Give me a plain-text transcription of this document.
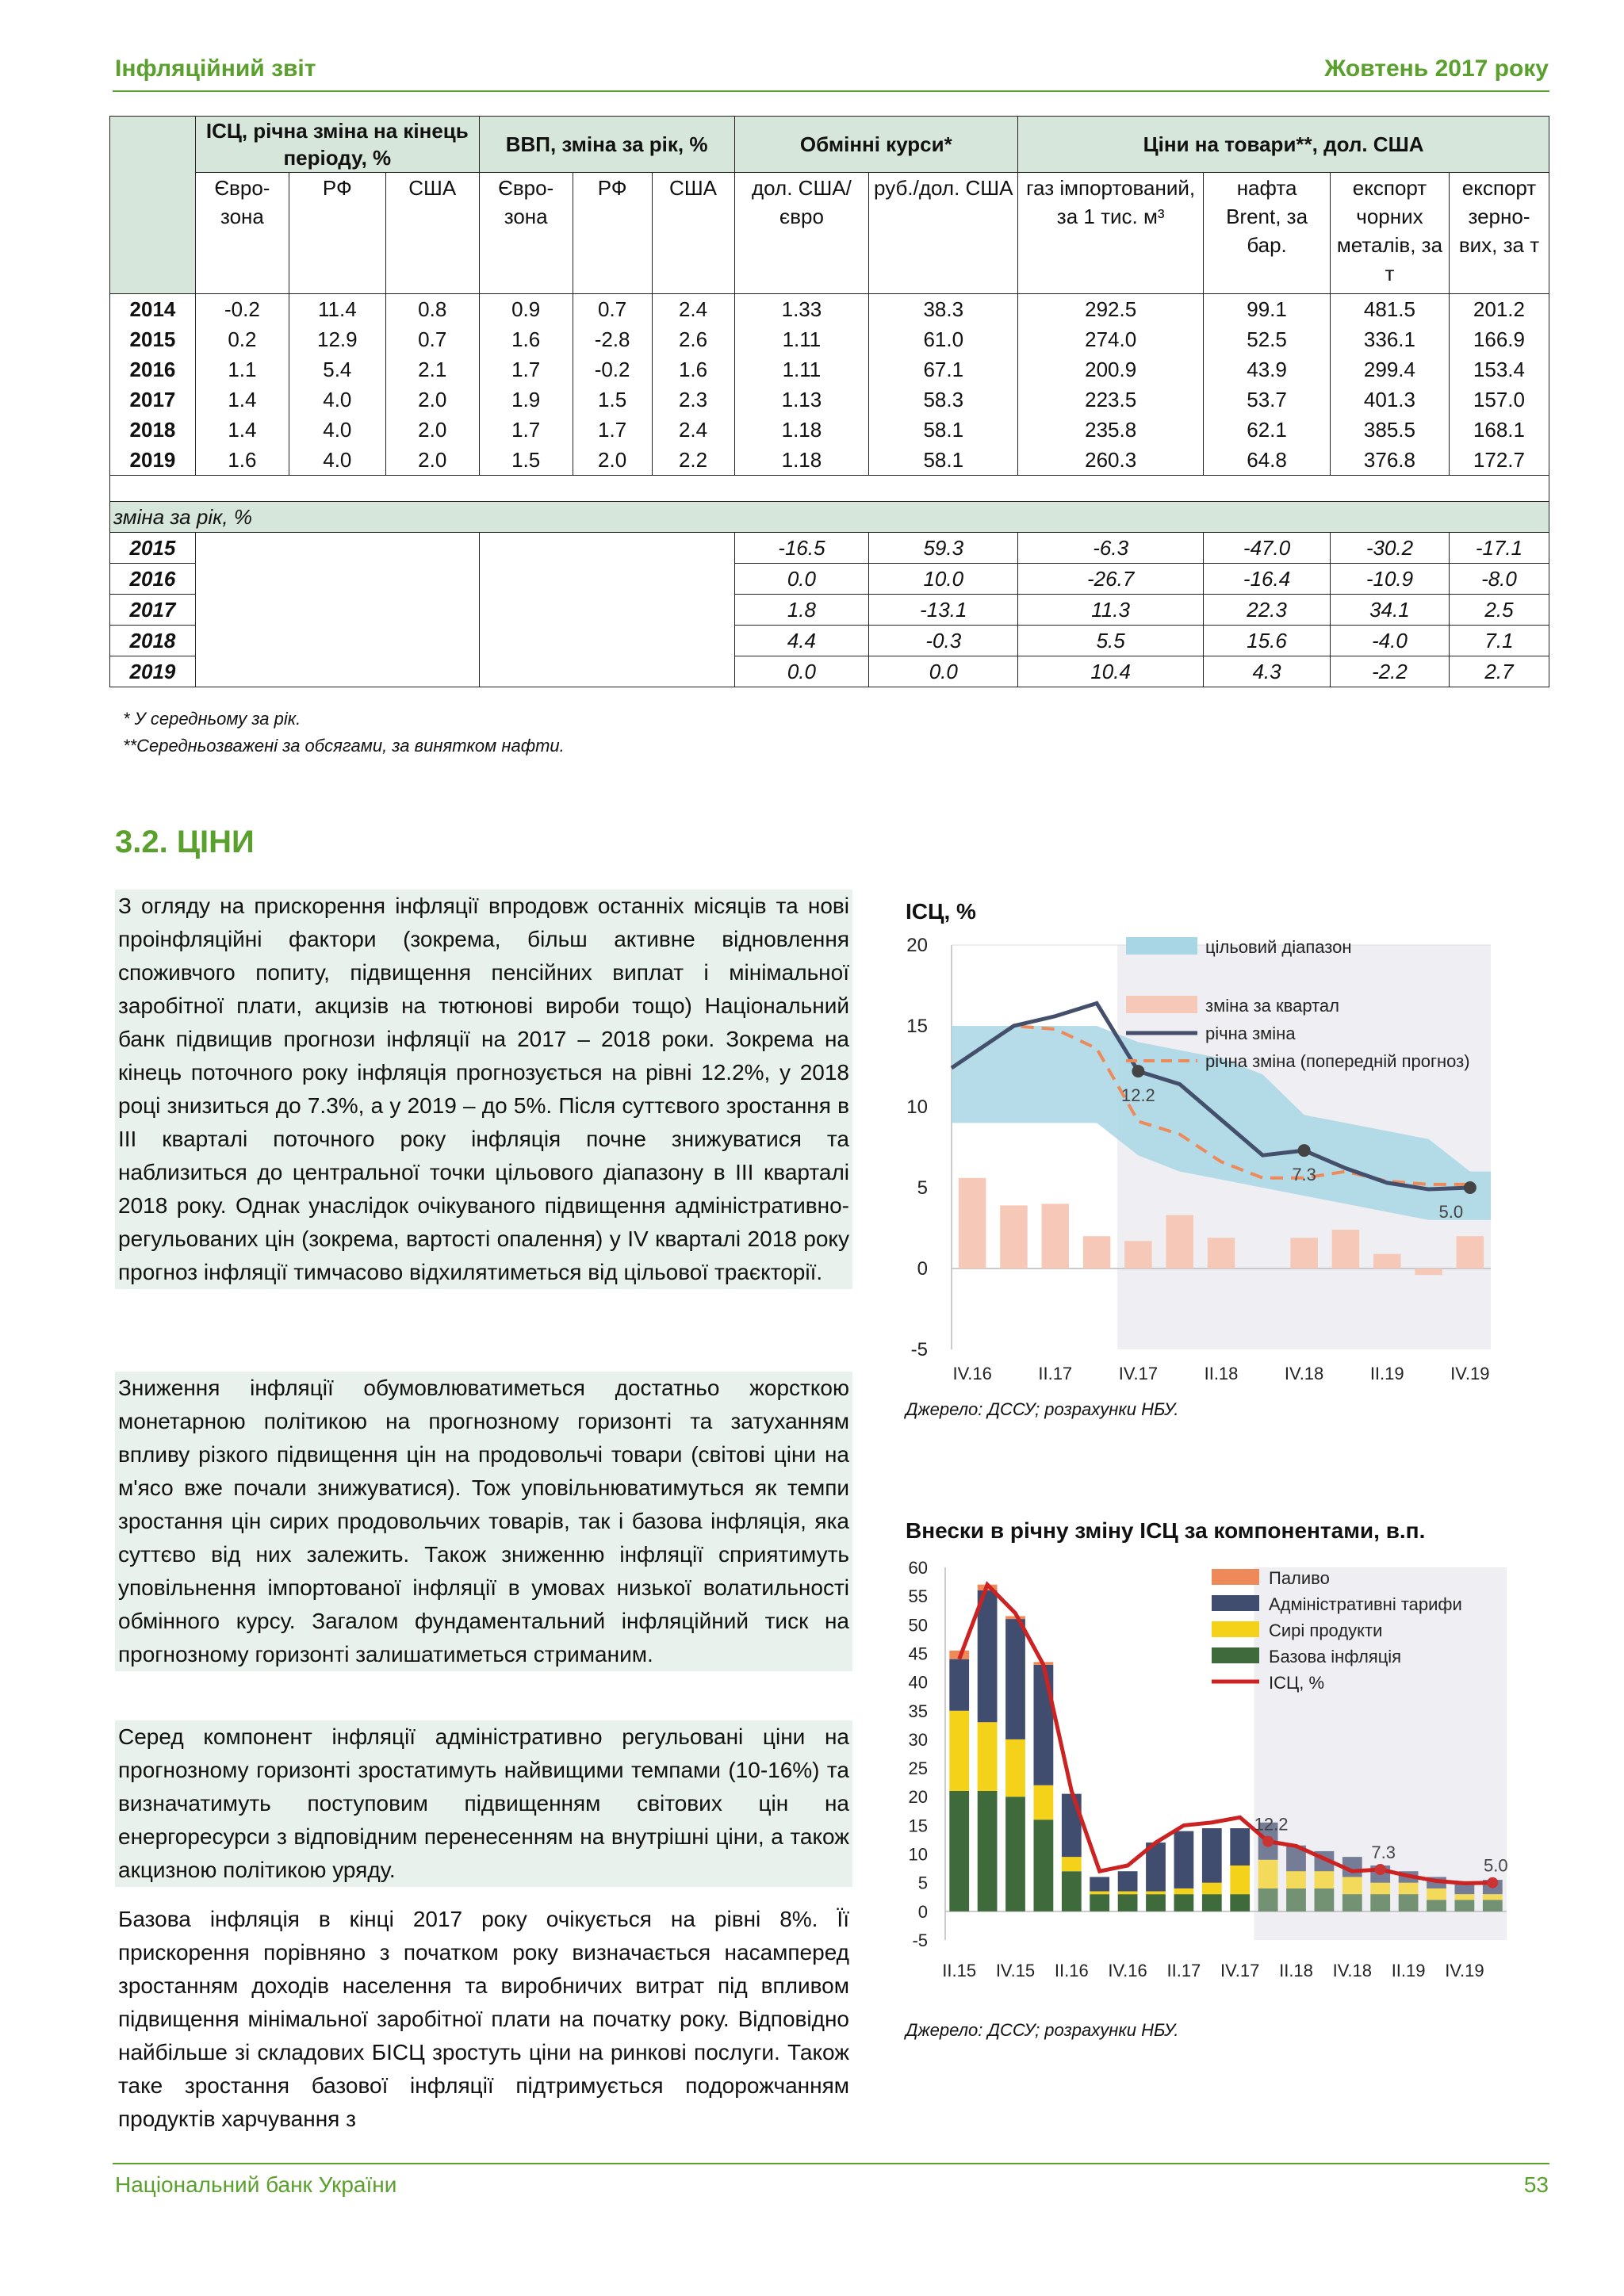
Інфляційний звіт	Жовтень 2017 року
	ІСЦ, річна зміна на кінець періоду, %			ВВП, зміна за рік, %			Обмінні курси*		Ціни на товари**, дол. США			
	Євро-зона	РФ	США	Євро-зона	РФ	США	дол. США/євро	руб./дол. США	газ імпортований, за 1 тис. м³	нафта Brent, за бар.	експорт чорних металів, за т	експорт зерно-вих, за т
2014	-0.2	11.4	0.8	0.9	0.7	2.4	1.33	38.3	292.5	99.1	481.5	201.2
2015	0.2	12.9	0.7	1.6	-2.8	2.6	1.11	61.0	274.0	52.5	336.1	166.9
2016	1.1	5.4	2.1	1.7	-0.2	1.6	1.11	67.1	200.9	43.9	299.4	153.4
2017	1.4	4.0	2.0	1.9	1.5	2.3	1.13	58.3	223.5	53.7	401.3	157.0
2018	1.4	4.0	2.0	1.7	1.7	2.4	1.18	58.1	235.8	62.1	385.5	168.1
2019	1.6	4.0	2.0	1.5	2.0	2.2	1.18	58.1	260.3	64.8	376.8	172.7

зміна за рік, %												
2015							-16.5	59.3	-6.3	-47.0	-30.2	-17.1
2016							0.0	10.0	-26.7	-16.4	-10.9	-8.0
2017							1.8	-13.1	11.3	22.3	34.1	2.5
2018							4.4	-0.3	5.5	15.6	-4.0	7.1
2019							0.0	0.0	10.4	4.3	-2.2	2.7
* У середньому за рік.
**Середньозважені за обсягами, за винятком нафти.
3.2. ЦІНИ
З огляду на прискорення інфляції впродовж останніх місяців та нові проінфляційні фактори (зокрема, більш активне відновлення споживчого попиту, підвищення пенсійних виплат і мінімальної заробітної плати, акцизів на тютюнові вироби тощо) Національний банк підвищив прогнози інфляції на 2017 – 2018 роки. Зокрема на кінець поточного року інфляція прогнозується на рівні 12.2%, у 2018 році знизиться до 7.3%, а у 2019 – до 5%. Після суттєвого зростання в ІІІ кварталі поточного року інфляція почне знижуватися та наблизиться до центральної точки цільового діапазону в ІІІ кварталі 2018 року. Однак унаслідок очікуваного підвищення адміністративно-регульованих цін (зокрема, вартості опалення) у ІV кварталі 2018 року прогноз інфляції тимчасово відхилятиметься від цільової траєкторії.
Зниження інфляції обумовлюватиметься достатньо жорсткою монетарною політикою на прогнозному горизонті та затуханням впливу різкого підвищення цін на продовольчі товари (світові ціни на м'ясо вже почали знижуватися). Тож уповільнюватимуться як темпи зростання цін сирих продовольчих товарів, так і базова інфляція, яка суттєво від них залежить. Також зниженню інфляції сприятимуть уповільнення імпортованої інфляції в умовах низької волатильності обмінного курсу. Загалом фундаментальний інфляційний тиск на прогнозному горизонті залишатиметься стриманим.
Серед компонент інфляції адміністративно регульовані ціни на прогнозному горизонті зростатимуть найвищими темпами (10-16%) та визначатимуть поступовим підвищенням світових цін на енергоресурси з відповідним перенесенням на внутрішні ціни, а також акцизною політикою уряду.
Базова інфляція в кінці 2017 року очікується на рівні 8%. Її прискорення порівняно з початком року визначається насамперед зростанням доходів населення та виробничих витрат під впливом підвищення мінімальної заробітної плати на початку року. Відповідно найбільше зі складових БІСЦ зростуть ціни на ринкові послуги. Також таке зростання базової інфляції підтримується подорожчанням продуктів харчування з
ІСЦ, %
20
15
10
5
0
-5
12.2
7.3
5.0
IV.16	II.17	IV.17	II.18	IV.18	II.19	IV.19
цільовий діапазон
зміна за квартал
річна зміна
річна зміна (попередній прогноз)
Джерело: ДССУ; розрахунки НБУ.
Внески в річну зміну ІСЦ за компонентами, в.п.
60
55
50
45
40
35
30
25
20
15
10
5
0
-5
12.2
7.3
5.0
II.15 IV.15 II.16 IV.16 II.17 IV.17 II.18 IV.18 II.19 IV.19
Паливо
Адміністративні тарифи
Сирі продукти
Базова інфляція
ІСЦ, %
Джерело: ДССУ; розрахунки НБУ.
Національний банк України	53
